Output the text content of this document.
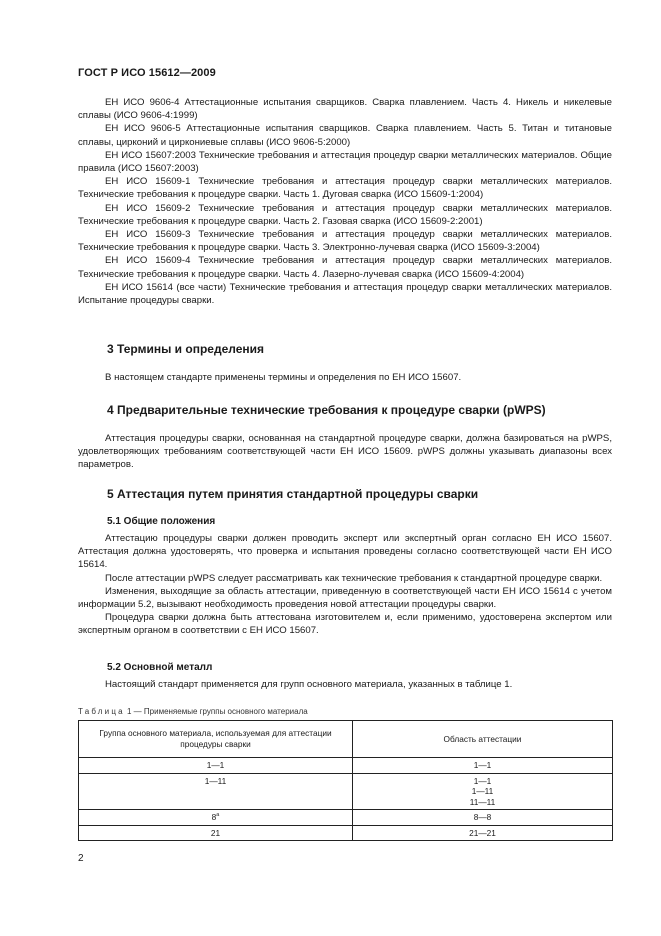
ГОСТ Р ИСО 15612—2009

ЕН ИСО 9606-4 Аттестационные испытания сварщиков. Сварка плавлением. Часть 4. Никель и никелевые сплавы (ИСО 9606-4:1999)

ЕН ИСО 9606-5 Аттестационные испытания сварщиков. Сварка плавлением. Часть 5. Титан и титановые сплавы, цирконий и циркониевые сплавы (ИСО 9606-5:2000)

ЕН ИСО 15607:2003 Технические требования и аттестация процедур сварки металлических материалов. Общие правила (ИСО 15607:2003)

ЕН ИСО 15609-1 Технические требования и аттестация процедур сварки металлических материалов. Технические требования к процедуре сварки. Часть 1. Дуговая сварка (ИСО 15609-1:2004)

ЕН ИСО 15609-2 Технические требования и аттестация процедур сварки металлических материалов. Технические требования к процедуре сварки. Часть 2. Газовая сварка (ИСО 15609-2:2001)

ЕН ИСО 15609-3 Технические требования и аттестация процедур сварки металлических материалов. Технические требования к процедуре сварки. Часть 3. Электронно-лучевая сварка (ИСО 15609-3:2004)

ЕН ИСО 15609-4 Технические требования и аттестация процедур сварки металлических материалов. Технические требования к процедуре сварки. Часть 4. Лазерно-лучевая сварка (ИСО 15609-4:2004)

ЕН ИСО 15614 (все части) Технические требования и аттестация процедур сварки металлических материалов. Испытание процедуры сварки.

3 Термины и определения

В настоящем стандарте применены термины и определения по ЕН ИСО 15607.

4 Предварительные технические требования к процедуре сварки (pWPS)

Аттестация процедуры сварки, основанная на стандартной процедуре сварки, должна базироваться на pWPS, удовлетворяющих требованиям соответствующей части ЕН ИСО 15609. pWPS должны указывать диапазоны всех параметров.

5 Аттестация путем принятия стандартной процедуры сварки
5.1 Общие положения

Аттестацию процедуры сварки должен проводить эксперт или экспертный орган согласно ЕН ИСО 15607. Аттестация должна удостоверять, что проверка и испытания проведены согласно соответствующей части ЕН ИСО 15614.

После аттестации pWPS следует рассматривать как технические требования к стандартной процедуре сварки.

Изменения, выходящие за область аттестации, приведенную в соответствующей части ЕН ИСО 15614 с учетом информации 5.2, вызывают необходимость проведения новой аттестации процедуры сварки.

Процедура сварки должна быть аттестована изготовителем и, если применимо, удостоверена экспертом или экспертным органом в соответствии с ЕН ИСО 15607.

5.2 Основной металл

Настоящий стандарт применяется для групп основного материала, указанных в таблице 1.

Таблица 1 — Применяемые группы основного материала
Группа основного материала, используемая для аттестации процедуры сварки	Область аттестации
1—1	1—1

1—11	1—1
1—11
11—11

8$^a$	8—8

21	21—21
2
